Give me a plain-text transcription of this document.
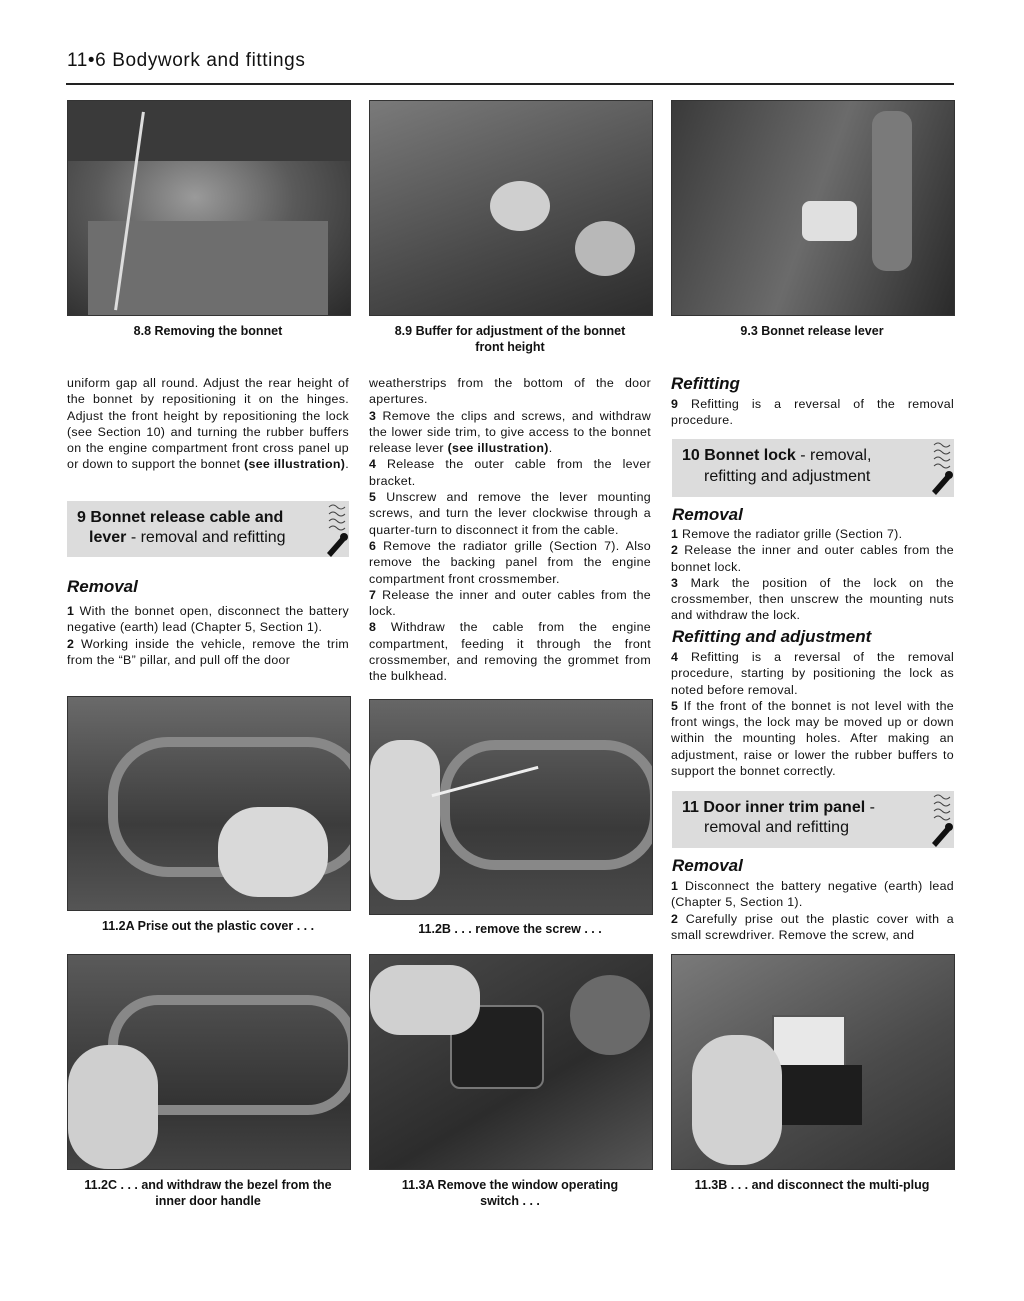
11•6 Bodywork and fittings
8.8 Removing the bonnet	8.9 Buffer for adjustment of the bonnet
front height
9.3 Bonnet release lever

uniform gap all round. Adjust the rear height of the bonnet by repositioning it on the hinges. Adjust the front height by repositioning the lock (see Section 10) and turning the rubber buffers on the engine compartment front cross panel up or down to support the bonnet (see illustration).

9 Bonnet release cable and
lever - removal and refitting
Removal

1 With the bonnet open, disconnect the battery negative (earth) lead (Chapter 5, Section 1).

2 Working inside the vehicle, remove the trim from the “B” pillar, and pull off the door

weatherstrips from the bottom of the door apertures.

3 Remove the clips and screws, and withdraw the lower side trim, to give access to the bonnet release lever (see illustration).

4 Release the outer cable from the lever bracket.

5 Unscrew and remove the lever mounting screws, and turn the lever clockwise through a quarter-turn to disconnect it from the cable.

6 Remove the radiator grille (Section 7). Also remove the backing panel from the engine compartment front crossmember.

7 Release the inner and outer cables from the lock.

8 Withdraw the cable from the engine compartment, feeding it through the front crossmember, and removing the grommet from the bulkhead.

Refitting

9 Refitting is a reversal of the removal procedure.

10 Bonnet lock - removal,
refitting and adjustment
Removal

1 Remove the radiator grille (Section 7).

2 Release the inner and outer cables from the bonnet lock.

3 Mark the position of the lock on the crossmember, then unscrew the mounting nuts and withdraw the lock.

Refitting and adjustment

4 Refitting is a reversal of the removal procedure, starting by positioning the lock as noted before removal.

5 If the front of the bonnet is not level with the front wings, the lock may be moved up or down within the mounting holes. After making an adjustment, raise or lower the rubber buffers to support the bonnet correctly.

11 Door inner trim panel -
removal and refitting
Removal

1 Disconnect the battery negative (earth) lead (Chapter 5, Section 1).

2 Carefully prise out the plastic cover with a small screwdriver. Remove the screw, and

11.2A Prise out the plastic cover . . .	11.2B . . . remove the screw . . .
11.2C . . . and withdraw the bezel from the
inner door handle
11.3A Remove the window operating
switch . . .
11.3B . . . and disconnect the multi-plug
